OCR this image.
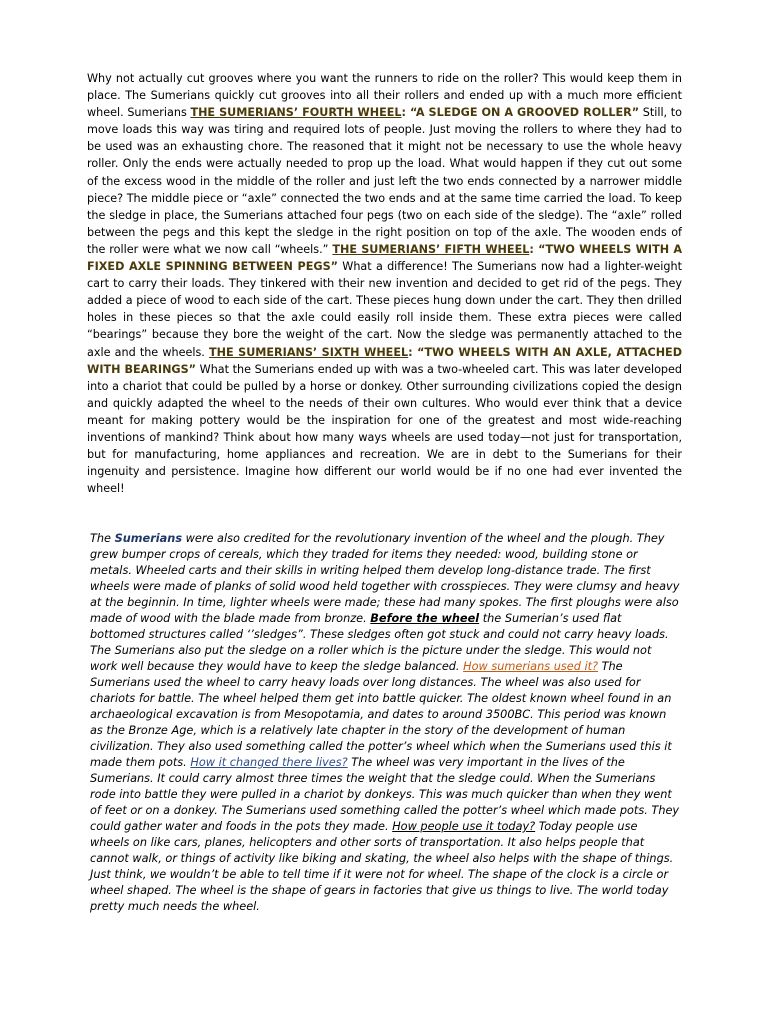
Why not actually cut grooves where you want the runners to ride on the roller? This would keep them in place. The Sumerians quickly cut grooves into all their rollers and ended up with a much more efficient wheel. Sumerians THE SUMERIANS’ FOURTH WHEEL: “A SLEDGE ON A GROOVED ROLLER” Still, to move loads this way was tiring and required lots of people. Just moving the rollers to where they had to be used was an exhausting chore. The reasoned that it might not be necessary to use the whole heavy roller. Only the ends were actually needed to prop up the load. What would happen if they cut out some of the excess wood in the middle of the roller and just left the two ends connected by a narrower middle piece? The middle piece or “axle” connected the two ends and at the same time carried the load. To keep the sledge in place, the Sumerians attached four pegs (two on each side of the sledge). The “axle” rolled between the pegs and this kept the sledge in the right position on top of the axle. The wooden ends of the roller were what we now call “wheels.” THE SUMERIANS’ FIFTH WHEEL: “TWO WHEELS WITH A FIXED AXLE SPINNING BETWEEN PEGS” What a difference! The Sumerians now had a lighter-weight cart to carry their loads. They tinkered with their new invention and decided to get rid of the pegs. They added a piece of wood to each side of the cart. These pieces hung down under the cart. They then drilled holes in these pieces so that the axle could easily roll inside them. These extra pieces were called “bearings” because they bore the weight of the cart. Now the sledge was permanently attached to the axle and the wheels. THE SUMERIANS’ SIXTH WHEEL: “TWO WHEELS WITH AN AXLE, ATTACHED WITH BEARINGS” What the Sumerians ended up with was a two-wheeled cart. This was later developed into a chariot that could be pulled by a horse or donkey. Other surrounding civilizations copied the design and quickly adapted the wheel to the needs of their own cultures. Who would ever think that a device meant for making pottery would be the inspiration for one of the greatest and most wide-reaching inventions of mankind? Think about how many ways wheels are used today—not just for transportation, but for manufacturing, home appliances and recreation. We are in debt to the Sumerians for their ingenuity and persistence. Imagine how different our world would be if no one had ever invented the wheel!

The Sumerians were also credited for the revolutionary invention of the wheel and the plough. They grew bumper crops of cereals, which they traded for items they needed: wood, building stone or metals. Wheeled carts and their skills in writing helped them develop long-distance trade. The first wheels were made of planks of solid wood held together with crosspieces. They were clumsy and heavy at the beginnin. In time, lighter wheels were made; these had many spokes. The first ploughs were also made of wood with the blade made from bronze. Before the wheel the Sumerian’s used flat bottomed structures called ‘’sledges”. These sledges often got stuck and could not carry heavy loads. The Sumerians also put the sledge on a roller which is the picture under the sledge. This would not work well because they would have to keep the sledge balanced. How sumerians used it? The Sumerians used the wheel to carry heavy loads over long distances. The wheel was also used for chariots for battle. The wheel helped them get into battle quicker. The oldest known wheel found in an archaeological excavation is from Mesopotamia, and dates to around 3500BC. This period was known as the Bronze Age, which is a relatively late chapter in the story of the development of human civilization. They also used something called the potter’s wheel which when the Sumerians used this it made them pots. How it changed there lives? The wheel was very important in the lives of the Sumerians. It could carry almost three times the weight that the sledge could. When the Sumerians rode into battle they were pulled in a chariot by donkeys. This was much quicker than when they went of feet or on a donkey. The Sumerians used something called the potter’s wheel which made pots. They could gather water and foods in the pots they made. How people use it today? Today people use wheels on like cars, planes, helicopters and other sorts of transportation. It also helps people that cannot walk, or things of activity like biking and skating, the wheel also helps with the shape of things. Just think, we wouldn’t be able to tell time if it were not for wheel. The shape of the clock is a circle or wheel shaped. The wheel is the shape of gears in factories that give us things to live. The world today pretty much needs the wheel.
